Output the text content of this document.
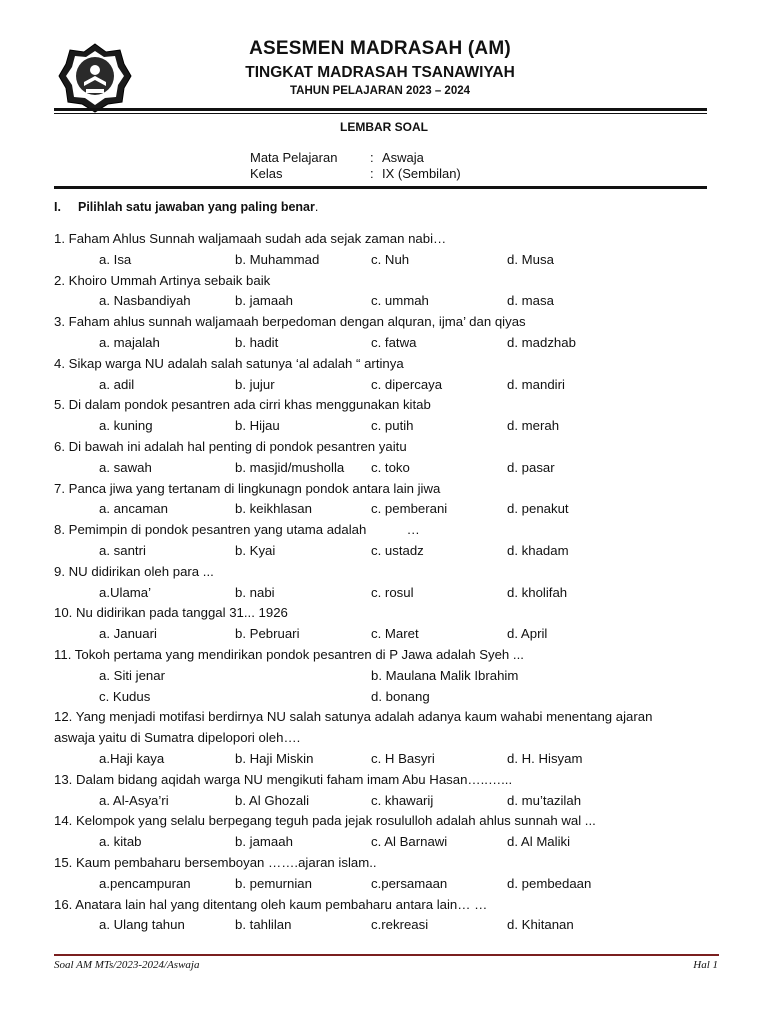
ASESMEN MADRASAH (AM)
TINGKAT MADRASAH TSANAWIYAH
TAHUN PELAJARAN 2023 – 2024
LEMBAR SOAL
Mata Pelajaran	: Aswaja
Kelas	: IX (Sembilan)
I. Pilihlah satu jawaban yang paling benar.
1. Faham Ahlus Sunnah waljamaah sudah ada sejak zaman nabi…
a. Isa	b. Muhammad	c. Nuh	d. Musa
2. Khoiro Ummah Artinya sebaik baik
a. Nasbandiyah	b. jamaah	c. ummah	d. masa
3. Faham ahlus sunnah waljamaah berpedoman dengan alquran, ijma’ dan qiyas
a. majalah	b. hadit	c. fatwa	d. madzhab
4. Sikap warga NU adalah salah satunya ‘al adalah “ artinya
a. adil	b. jujur	c. dipercaya	d. mandiri
5. Di dalam pondok pesantren ada cirri khas menggunakan kitab
a. kuning	b. Hijau	c. putih	d. merah
6. Di bawah ini adalah hal penting di pondok pesantren yaitu
a. sawah	b. masjid/musholla c. toko	d. pasar
7. Panca jiwa yang tertanam di lingkunagn pondok antara lain jiwa
a. ancaman	b. keikhlasan	c. pemberani	d. penakut
8. Pemimpin di pondok pesantren yang utama adalah           …
a. santri	b. Kyai	c. ustadz	d. khadam
9. NU didirikan oleh para ...
a.Ulama’	b. nabi	c. rosul	d. kholifah
10. Nu didirikan pada tanggal 31... 1926
a. Januari	b. Pebruari	c. Maret	d. April
11. Tokoh pertama yang mendirikan pondok pesantren di P Jawa adalah Syeh ...
a. Siti jenar	b. Maulana Malik Ibrahim
c. Kudus	d. bonang
12. Yang menjadi motifasi berdirnya NU salah satunya adalah adanya kaum wahabi menentang ajaran
aswaja yaitu di Sumatra dipelopori oleh….
a.Haji kaya	b. Haji Miskin	c. H Basyri	d. H. Hisyam
13. Dalam bidang aqidah warga NU mengikuti faham imam Abu Hasan…..…...
a. Al-Asya’ri	b. Al Ghozali	c. khawarij	d. mu’tazilah
14. Kelompok yang selalu berpegang teguh pada jejak rosululloh adalah ahlus sunnah wal ...
a. kitab	b. jamaah	c. Al Barnawi	d. Al Maliki
15. Kaum pembaharu bersemboyan …….ajaran islam..
a.pencampuran	b. pemurnian	c.persamaan	d. pembedaan
16. Anatara lain hal yang ditentang oleh kaum pembaharu antara lain… …
a. Ulang tahun	b. tahlilan	c.rekreasi	d. Khitanan
Soal AM MTs/2023-2024/Aswaja	Hal 1
